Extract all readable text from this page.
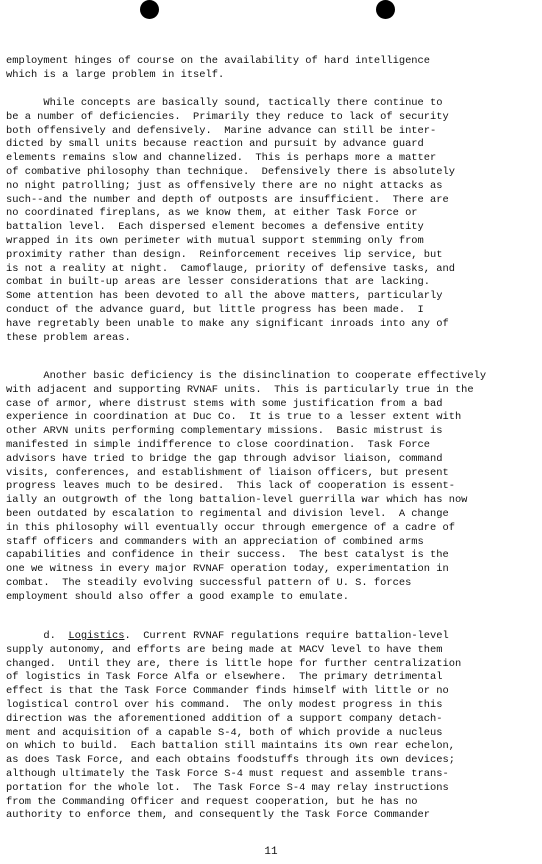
employment hinges of course on the availability of hard intelligence
which is a large problem in itself.
While concepts are basically sound, tactically there continue to
be a number of deficiencies.  Primarily they reduce to lack of security
both offensively and defensively.  Marine advance can still be inter-
dicted by small units because reaction and pursuit by advance guard
elements remains slow and channelized.  This is perhaps more a matter
of combative philosophy than technique.  Defensively there is absolutely
no night patrolling; just as offensively there are no night attacks as
such--and the number and depth of outposts are insufficient.  There are
no coordinated fireplans, as we know them, at either Task Force or
battalion level.  Each dispersed element becomes a defensive entity
wrapped in its own perimeter with mutual support stemming only from
proximity rather than design.  Reinforcement receives lip service, but
is not a reality at night.  Camoflauge, priority of defensive tasks, and
combat in built-up areas are lesser considerations that are lacking.
Some attention has been devoted to all the above matters, particularly
conduct of the advance guard, but little progress has been made.  I
have regretably been unable to make any significant inroads into any of
these problem areas.
Another basic deficiency is the disinclination to cooperate effectively
with adjacent and supporting RVNAF units.  This is particularly true in the
case of armor, where distrust stems with some justification from a bad
experience in coordination at Duc Co.  It is true to a lesser extent with
other ARVN units performing complementary missions.  Basic mistrust is
manifested in simple indifference to close coordination.  Task Force
advisors have tried to bridge the gap through advisor liaison, command
visits, conferences, and establishment of liaison officers, but present
progress leaves much to be desired.  This lack of cooperation is essent-
ially an outgrowth of the long battalion-level guerrilla war which has now
been outdated by escalation to regimental and division level.  A change
in this philosophy will eventually occur through emergence of a cadre of
staff officers and commanders with an appreciation of combined arms
capabilities and confidence in their success.  The best catalyst is the
one we witness in every major RVNAF operation today, experimentation in
combat.  The steadily evolving successful pattern of U. S. forces
employment should also offer a good example to emulate.
d.  Logistics.  Current RVNAF regulations require battalion-level
supply autonomy, and efforts are being made at MACV level to have them
changed.  Until they are, there is little hope for further centralization
of logistics in Task Force Alfa or elsewhere.  The primary detrimental
effect is that the Task Force Commander finds himself with little or no
logistical control over his command.  The only modest progress in this
direction was the aforementioned addition of a support company detach-
ment and acquisition of a capable S-4, both of which provide a nucleus
on which to build.  Each battalion still maintains its own rear echelon,
as does Task Force, and each obtains foodstuffs through its own devices;
although ultimately the Task Force S-4 must request and assemble trans-
portation for the whole lot.  The Task Force S-4 may relay instructions
from the Commanding Officer and request cooperation, but he has no
authority to enforce them, and consequently the Task Force Commander
11
